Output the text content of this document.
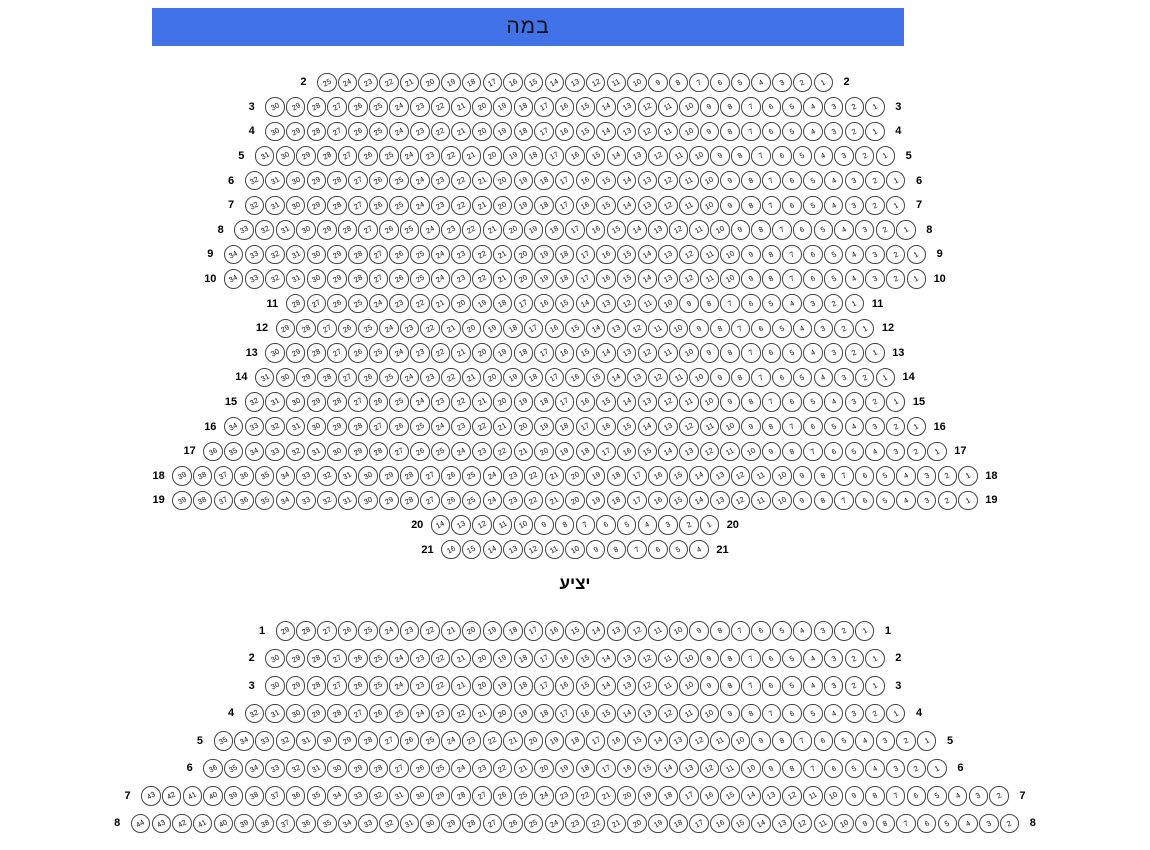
במה
2	25 24 23 22 21 20 19 18 17 16 15 14 13 12 11 10 9 8 7 6 5 4 3 2 1	2
3	30 29 28 27 26 25 24 23 22 21 20 19 18 17 16 15 14 13 12 11 10 9 8 7 6 5 4 3 2 1	3
4	30 29 28 27 26 25 24 23 22 21 20 19 18 17 16 15 14 13 12 11 10 9 8 7 6 5 4 3 2 1	4
5	31 30 29 28 27 26 25 24 23 22 21 20 19 18 17 16 15 14 13 12 11 10 9 8 7 6 5 4 3 2 1	5
6	32 31 30 29 28 27 26 25 24 23 22 21 20 19 18 17 16 15 14 13 12 11 10 9 8 7 6 5 4 3 2 1	6
7	32 31 30 29 28 27 26 25 24 23 22 21 20 19 18 17 16 15 14 13 12 11 10 9 8 7 6 5 4 3 2 1	7
8	33 32 31 30 29 28 27 26 25 24 23 22 21 20 19 18 17 16 15 14 13 12 11 10 9 8 7 6 5 4 3 2 1	8
9	34 33 32 31 30 29 28 27 26 25 24 23 22 21 20 19 18 17 16 15 14 13 12 11 10 9 8 7 6 5 4 3 2 1	9
10	34 33 32 31 30 29 28 27 26 25 24 23 22 21 20 19 18 17 16 15 14 13 12 11 10 9 8 7 6 5 4 3 2 1	10
11	28 27 26 25 24 23 22 21 20 19 18 17 16 15 14 13 12 11 10 9 8 7 6 5 4 3 2 1	11
12	29 28 27 26 25 24 23 22 21 20 19 18 17 16 15 14 13 12 11 10 9 8 7 6 5 4 3 2 1	12
13	30 29 28 27 26 25 24 23 22 21 20 19 18 17 16 15 14 13 12 11 10 9 8 7 6 5 4 3 2 1	13
14	31 30 29 28 27 26 25 24 23 22 21 20 19 18 17 16 15 14 13 12 11 10 9 8 7 6 5 4 3 2 1	14
15	32 31 30 29 28 27 26 25 24 23 22 21 20 19 18 17 16 15 14 13 12 11 10 9 8 7 6 5 4 3 2 1	15
16	34 33 32 31 30 29 28 27 26 25 24 23 22 21 20 19 18 17 16 15 14 13 12 11 10 9 8 7 6 5 4 3 2 1	16
17	36 35 34 33 32 31 30 29 28 27 26 25 24 23 22 21 20 19 18 17 16 15 14 13 12 11 10 9 8 7 6 5 4 3 2 1	17
18	39 38 37 36 35 34 33 32 31 30 29 28 27 26 25 24 23 22 21 20 19 18 17 16 15 14 13 12 11 10 9 8 7 6 5 4 3 2 1	18
19	39 38 37 36 35 34 33 32 31 30 29 28 27 26 25 24 23 22 21 20 19 18 17 16 15 14 13 12 11 10 9 8 7 6 5 4 3 2 1	19
20	14 13 12 11 10 9 8 7 6 5 4 3 2 1	20
21	16 15 14 13 12 11 10 9 8 7 6 5 4	21
יציע
1	29 28 27 26 25 24 23 22 21 20 19 18 17 16 15 14 13 12 11 10 9 8 7 6 5 4 3 2 1	1
2	30 29 28 27 26 25 24 23 22 21 20 19 18 17 16 15 14 13 12 11 10 9 8 7 6 5 4 3 2 1	2
3	30 29 28 27 26 25 24 23 22 21 20 19 18 17 16 15 14 13 12 11 10 9 8 7 6 5 4 3 2 1	3
4	32 31 30 29 28 27 26 25 24 23 22 21 20 19 18 17 16 15 14 13 12 11 10 9 8 7 6 5 4 3 2 1	4
5	35 34 33 32 31 30 29 28 27 26 25 24 23 22 21 20 19 18 17 16 15 14 13 12 11 10 9 8 7 6 5 4 3 2 1	5
6	36 35 34 33 32 31 30 29 28 27 26 25 24 23 22 21 20 19 18 17 16 15 14 13 12 11 10 9 8 7 6 5 4 3 2 1	6
7	43 42 41 40 39 38 37 36 35 34 33 32 31 30 29 28 27 26 25 24 23 22 21 20 19 18 17 16 15 14 13 12 11 10 9 8 7 6 5 4 3 2	7
8	44 43 42 41 40 39 38 37 36 35 34 33 32 31 30 29 28 27 26 25 24 23 22 21 20 19 18 17 16 15 14 13 12 11 10 9 8 7 6 5 4 3 2	8
